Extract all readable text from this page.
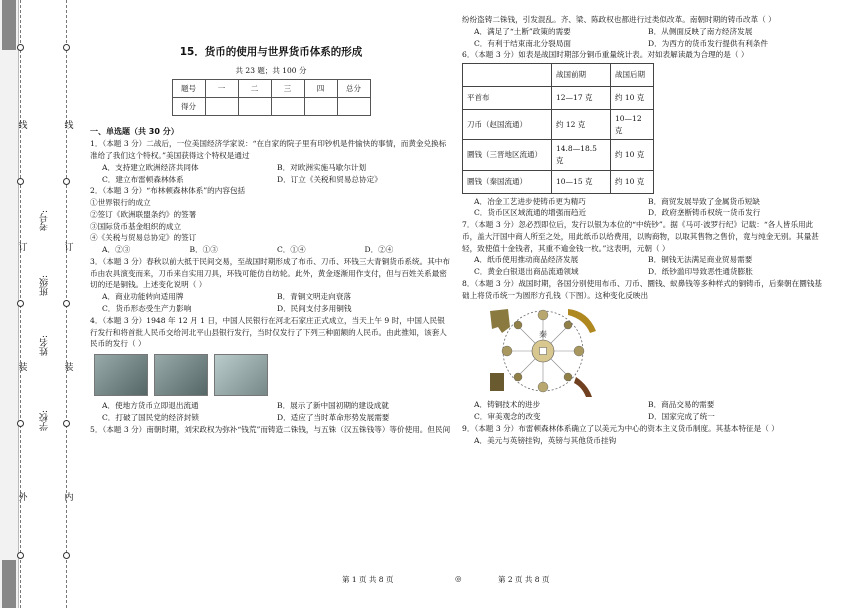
线
订
装
外
线
订
装
内
学校:
姓名:
班级:
考号:
15．货币的使用与世界货币体系的形成
共 23 题；共 100 分
题号	一	二	三	四	总分
得分					
一、单选题（共 30 分）

1．（本题 3 分）二战后，一位美国经济学家说：“在自家的院子里有印钞机是件愉快的事情，而黄金兑换标准给了我们这个特权。”美国获得这个特权是通过

A．支持建立欧洲经济共同体	B．对欧洲实施马歇尔计划
C．建立布雷顿森林体系	D．订立《关税和贸易总协定》

2．（本题 3 分）“布林顿森林体系”的内容包括

①世界银行的成立

②签订《欧洲联盟条约》的签署

③国际货币基金组织的成立

④《关税与贸易总协定》的签订

A．②③	B．①③	C．①④	D．②④

3．（本题 3 分）春秋以前大抵于民间交易，至战国时期形成了布币、刀币、环钱三大青铜货币系统。其中布币由农具演变而来，刀币来自实用刀具，环钱可能仿自纺轮。此外，黄金逐渐用作支付，但与百姓关系最密切的还是铜钱。上述变化说明（ ）

A．商业功能转向适用牌	B．青铜文明走向衰落
C．货币形态受生产力影响	D．民间支付多用铜钱

4．（本题 3 分）1948 年 12 月 1 日，中国人民银行在河北石家庄正式成立，当天上午 9 时，中国人民银行发行和将首批人民币交给河北平山县银行发行，当时仅发行了下列三种面额的人民币。由此推知，该套人民币的发行（ ）

A．使地方货币立即退出流通	B．展示了新中国初期的建设成就
C．打破了国民党的经济封锁	D．适应了当时革命形势发展需要

5．（本题 3 分）南朝时期，刘宋政权为弥补“钱荒”而铸造二铢钱，与五铢（汉五铢钱等）等价使用。但民间

纷纷盗铸二铢钱，引发混乱。齐、梁、陈政权也都进行过类似改革。南朝时期的铸币改革（ ）

A．满足了“土断”政策的需要	B．从侧面反映了南方经济发展
C．有利于结束南北分裂局面	D．为西方的货币发行提供有利条件

6．（本题 3 分）如表是战国时期部分铜币重量统计表。对如表解读最为合理的是（ ）

	战国前期	战国后期
平首布	12—17 克	约 10 克
刀币（赵国流通）	约 12 克	10—12 克
圜钱（三晋地区流通）	14.8—18.5 克	约 10 克
圜钱（秦国流通）	10—15 克	约 10 克
A．冶金工艺进步使铸币更为精巧	B．商贸发展导致了金属货币短缺
C．货币区区域流通的增强而趋近	D．政府垄断铸币权统一货币发行

7．（本题 3 分）忽必烈即位后，发行以银为本位的“中统钞”。据《马可·波罗行纪》记载：“各人皆乐用此币，盖大汗国中商人所至之处，用此纸币以给费用，以购商物，以取其售物之售价，竟与纯金无别。其量甚轻，致使值十金钱者，其重不逾金钱一枚。”这表明，元朝（ ）

A．纸币使用推动商品经济发展	B．铜钱无法满足商业贸易需要
C．黄金白银退出商品流通领域	D．纸钞滥印导致恶性通货膨胀

8．（本题 3 分）战国时期，各国分别使用布币、刀币、圜钱、蚁鼻钱等多种样式的铜铸币，后秦朝在圜钱基础上将货币统一为圆形方孔钱（下图）。这种变化反映出

秦
A．铸铜技术的进步	B．商品交易的需要
C．审美观念的改变	D．国家完成了统一

9．（本题 3 分）布雷顿森林体系确立了以美元为中心的资本主义货币制度。其基本特征是（ ）

A．美元与英镑挂钩，英镑与其他货币挂钩
第 1 页 共 8 页	◎	第 2 页 共 8 页
